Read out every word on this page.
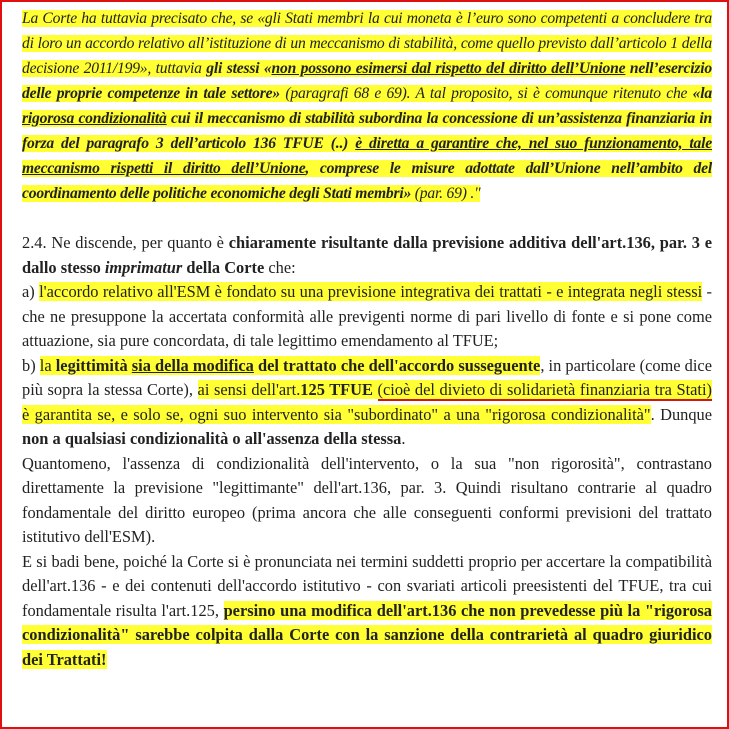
La Corte ha tuttavia precisato che, se «gli Stati membri la cui moneta è l’euro sono competenti a concludere tra di loro un accordo relativo all’istituzione di un meccanismo di stabilità, come quello previsto dall’articolo 1 della decisione 2011/199», tuttavia gli stessi «non possono esimersi dal rispetto del diritto dell’Unione nell’esercizio delle proprie competenze in tale settore» (paragrafi 68 e 69). A tal proposito, si è comunque ritenuto che «la rigorosa condizionalità cui il meccanismo di stabilità subordina la concessione di un’assistenza finanziaria in forza del paragrafo 3 dell’articolo 136 TFUE (..) è diretta a garantire che, nel suo funzionamento, tale meccanismo rispetti il diritto dell’Unione, comprese le misure adottate dall’Unione nell’ambito del coordinamento delle politiche economiche degli Stati membri» (par. 69) ."

2.4. Ne discende, per quanto è chiaramente risultante dalla previsione additiva dell'art.136, par. 3 e dallo stesso imprimatur della Corte che:

a) l'accordo relativo all'ESM è fondato su una previsione integrativa dei trattati - e integrata negli stessi - che ne presuppone la accertata conformità alle previgenti norme di pari livello di fonte e si pone come attuazione, sia pure concordata, di tale legittimo emendamento al TFUE;

b) la legittimità sia della modifica del trattato che dell'accordo susseguente, in particolare (come dice più sopra la stessa Corte), ai sensi dell'art.125 TFUE (cioè del divieto di solidarietà finanziaria tra Stati) è garantita se, e solo se, ogni suo intervento sia "subordinato" a una "rigorosa condizionalità". Dunque non a qualsiasi condizionalità o all'assenza della stessa.

Quantomeno, l'assenza di condizionalità dell'intervento, o la sua "non rigorosità", contrastano direttamente la previsione "legittimante" dell'art.136, par. 3. Quindi risultano contrarie al quadro fondamentale del diritto europeo (prima ancora che alle conseguenti conformi previsioni del trattato istitutivo dell'ESM).

E si badi bene, poiché la Corte si è pronunciata nei termini suddetti proprio per accertare la compatibilità dell'art.136 - e dei contenuti dell'accordo istitutivo - con svariati articoli preesistenti del TFUE, tra cui fondamentale risulta l'art.125, persino una modifica dell'art.136 che non prevedesse più la "rigorosa condizionalità" sarebbe colpita dalla Corte con la sanzione della contrarietà al quadro giuridico dei Trattati!
